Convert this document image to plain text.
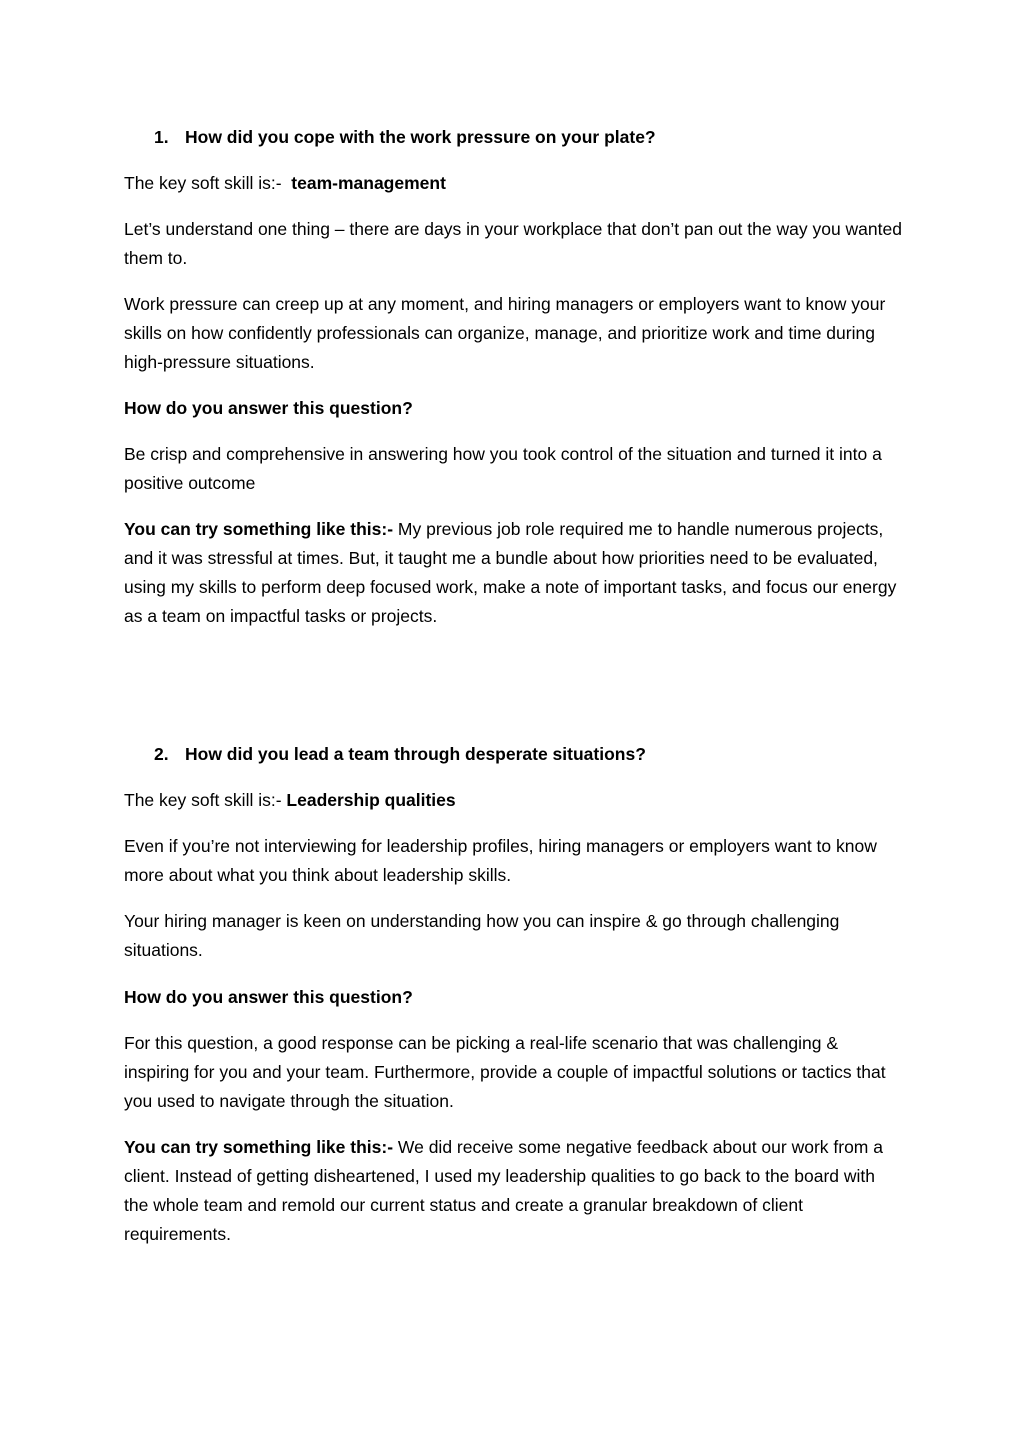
1. How did you cope with the work pressure on your plate?

The key soft skill is:- team-management

Let’s understand one thing – there are days in your workplace that don’t pan out the way you wanted them to.

Work pressure can creep up at any moment, and hiring managers or employers want to know your skills on how confidently professionals can organize, manage, and prioritize work and time during high-pressure situations.

How do you answer this question?

Be crisp and comprehensive in answering how you took control of the situation and turned it into a positive outcome

You can try something like this:- My previous job role required me to handle numerous projects, and it was stressful at times. But, it taught me a bundle about how priorities need to be evaluated, using my skills to perform deep focused work, make a note of important tasks, and focus our energy as a team on impactful tasks or projects.

2. How did you lead a team through desperate situations?

The key soft skill is:- Leadership qualities

Even if you’re not interviewing for leadership profiles, hiring managers or employers want to know more about what you think about leadership skills.

Your hiring manager is keen on understanding how you can inspire & go through challenging situations.

How do you answer this question?

For this question, a good response can be picking a real-life scenario that was challenging & inspiring for you and your team. Furthermore, provide a couple of impactful solutions or tactics that you used to navigate through the situation.

You can try something like this:- We did receive some negative feedback about our work from a client. Instead of getting disheartened, I used my leadership qualities to go back to the board with the whole team and remold our current status and create a granular breakdown of client requirements.
